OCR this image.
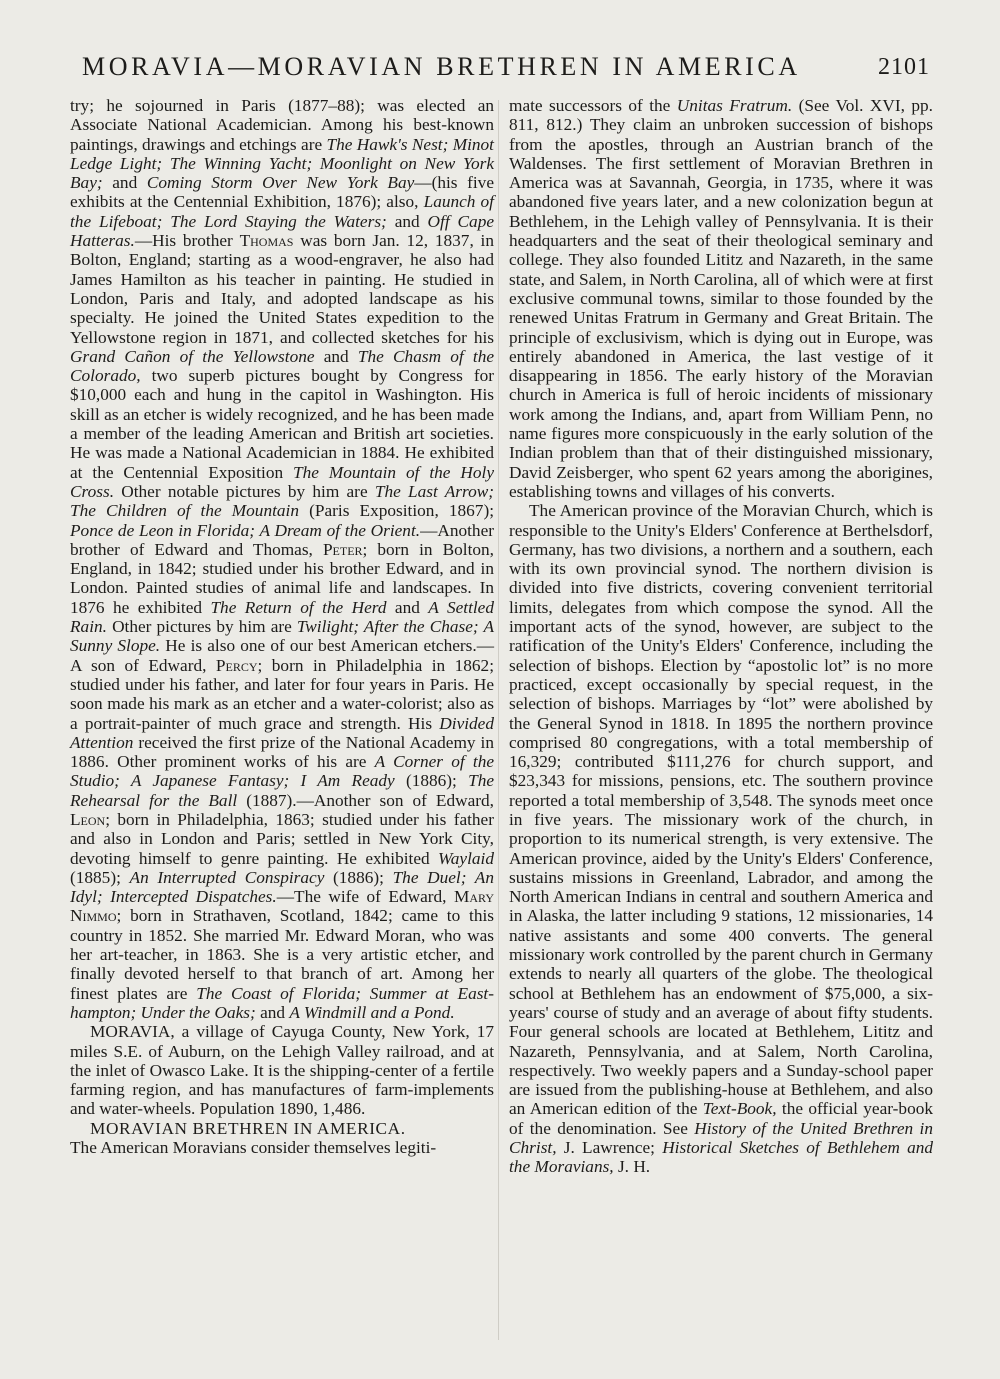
MORAVIA—MORAVIAN BRETHREN IN AMERICA	2101

try; he sojourned in Paris (1877–88); was elected an Associate National Academician. Among his best-known paintings, drawings and etchings are The Hawk's Nest; Minot Ledge Light; The Winning Yacht; Moonlight on New York Bay; and Coming Storm Over New York Bay—(his five exhibits at the Centennial Exhibition, 1876); also, Launch of the Lifeboat; The Lord Staying the Waters; and Off Cape Hatteras.—His brother Thomas was born Jan. 12, 1837, in Bolton, England; starting as a wood-engraver, he also had James Hamilton as his teacher in painting. He studied in London, Paris and Italy, and adopted landscape as his specialty. He joined the United States expedition to the Yellowstone region in 1871, and collected sketches for his Grand Cañon of the Yellowstone and The Chasm of the Colorado, two superb pictures bought by Congress for $10,000 each and hung in the capitol in Washington. His skill as an etcher is widely recognized, and he has been made a member of the leading American and British art societies. He was made a National Academician in 1884. He exhibited at the Centennial Exposition The Mountain of the Holy Cross. Other notable pictures by him are The Last Arrow; The Children of the Mountain (Paris Exposition, 1867); Ponce de Leon in Florida; A Dream of the Orient.—Another brother of Edward and Thomas, Peter; born in Bolton, England, in 1842; studied under his brother Edward, and in London. Painted studies of animal life and landscapes. In 1876 he exhibited The Return of the Herd and A Settled Rain. Other pictures by him are Twilight; After the Chase; A Sunny Slope. He is also one of our best American etchers.—A son of Edward, Percy; born in Philadelphia in 1862; studied under his father, and later for four years in Paris. He soon made his mark as an etcher and a water-colorist; also as a portrait-painter of much grace and strength. His Divided Attention received the first prize of the National Academy in 1886. Other prominent works of his are A Corner of the Studio; A Japanese Fantasy; I Am Ready (1886); The Rehearsal for the Ball (1887).—Another son of Edward, Leon; born in Philadelphia, 1863; studied under his father and also in London and Paris; settled in New York City, devoting himself to genre painting. He exhibited Waylaid (1885); An Interrupted Conspiracy (1886); The Duel; An Idyl; Intercepted Dispatches.—The wife of Edward, Mary Nimmo; born in Strathaven, Scotland, 1842; came to this country in 1852. She married Mr. Edward Moran, who was her art-teacher, in 1863. She is a very artistic etcher, and finally devoted herself to that branch of art. Among her finest plates are The Coast of Florida; Summer at East-hampton; Under the Oaks; and A Windmill and a Pond.

MORAVIA, a village of Cayuga County, New York, 17 miles S.E. of Auburn, on the Lehigh Valley railroad, and at the inlet of Owasco Lake. It is the shipping-center of a fertile farming region, and has manufactures of farm-implements and water-wheels. Population 1890, 1,486.

MORAVIAN BRETHREN IN AMERICA.

The American Moravians consider themselves legiti-

mate successors of the Unitas Fratrum. (See Vol. XVI, pp. 811, 812.) They claim an unbroken succession of bishops from the apostles, through an Austrian branch of the Waldenses. The first settlement of Moravian Brethren in America was at Savannah, Georgia, in 1735, where it was abandoned five years later, and a new colonization begun at Bethlehem, in the Lehigh valley of Pennsylvania. It is their headquarters and the seat of their theological seminary and college. They also founded Lititz and Nazareth, in the same state, and Salem, in North Carolina, all of which were at first exclusive communal towns, similar to those founded by the renewed Unitas Fratrum in Germany and Great Britain. The principle of exclusivism, which is dying out in Europe, was entirely abandoned in America, the last vestige of it disappearing in 1856. The early history of the Moravian church in America is full of heroic incidents of missionary work among the Indians, and, apart from William Penn, no name figures more conspicuously in the early solution of the Indian problem than that of their distinguished missionary, David Zeisberger, who spent 62 years among the aborigines, establishing towns and villages of his converts.

The American province of the Moravian Church, which is responsible to the Unity's Elders' Conference at Berthelsdorf, Germany, has two divisions, a northern and a southern, each with its own provincial synod. The northern division is divided into five districts, covering convenient territorial limits, delegates from which compose the synod. All the important acts of the synod, however, are subject to the ratification of the Unity's Elders' Conference, including the selection of bishops. Election by “apostolic lot” is no more practiced, except occasionally by special request, in the selection of bishops. Marriages by “lot” were abolished by the General Synod in 1818. In 1895 the northern province comprised 80 congregations, with a total membership of 16,329; contributed $111,276 for church support, and $23,343 for missions, pensions, etc. The southern province reported a total membership of 3,548. The synods meet once in five years. The missionary work of the church, in proportion to its numerical strength, is very extensive. The American province, aided by the Unity's Elders' Conference, sustains missions in Greenland, Labrador, and among the North American Indians in central and southern America and in Alaska, the latter including 9 stations, 12 missionaries, 14 native assistants and some 400 converts. The general missionary work controlled by the parent church in Germany extends to nearly all quarters of the globe. The theological school at Bethlehem has an endowment of $75,000, a six-years' course of study and an average of about fifty students. Four general schools are located at Bethlehem, Lititz and Nazareth, Pennsylvania, and at Salem, North Carolina, respectively. Two weekly papers and a Sunday-school paper are issued from the publishing-house at Bethlehem, and also an American edition of the Text-Book, the official year-book of the denomination. See History of the United Brethren in Christ, J. Lawrence; Historical Sketches of Bethlehem and the Moravians, J. H.
